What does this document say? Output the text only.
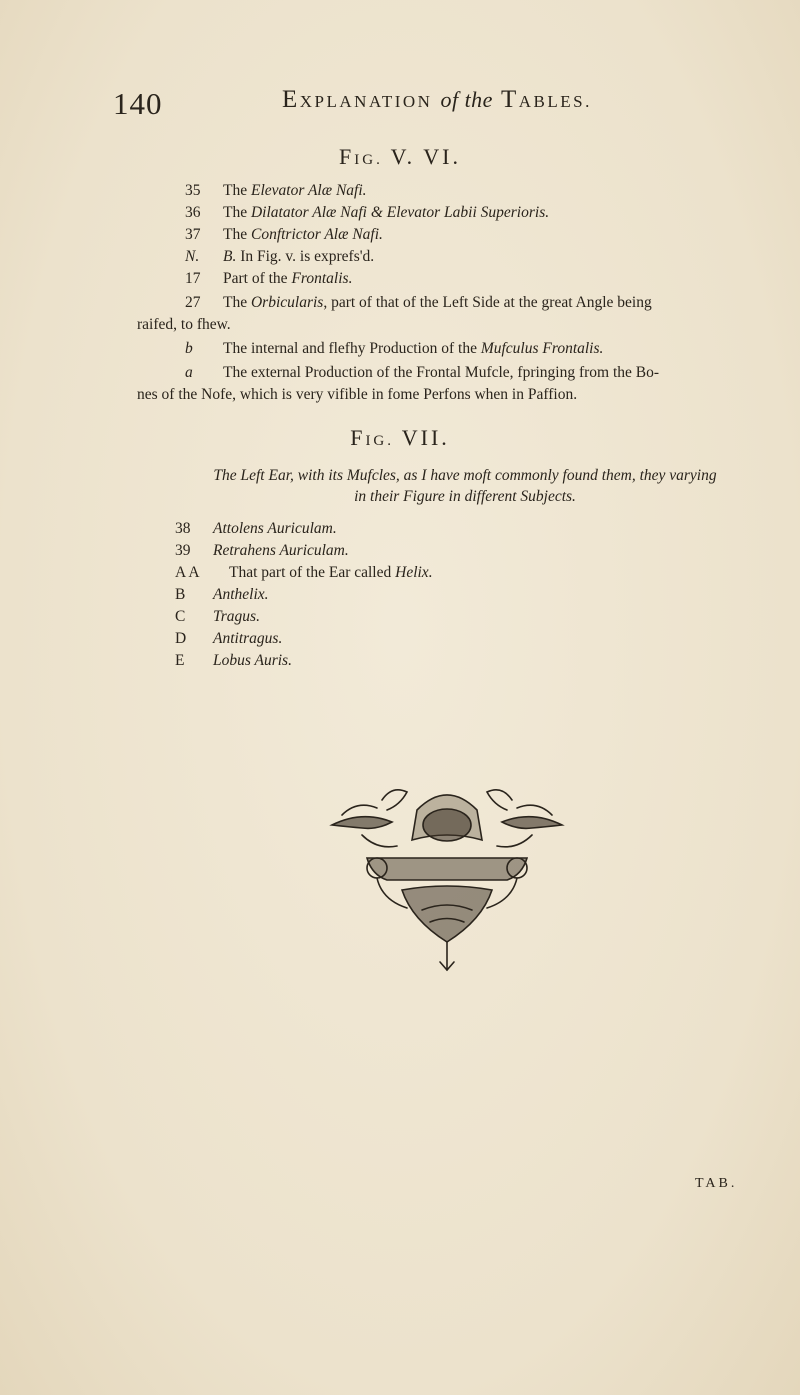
140	EXPLANATION of the TABLES.
FIG. V. VI.
35 The Elevator Alæ Nafi.
36 The Dilatator Alæ Nafi & Elevator Labii Superioris.
37 The Conftrictor Alæ Nafi.
N. B. In Fig. v. is exprefs'd.
17 Part of the Frontalis.
27 The Orbicularis, part of that of the Left Side at the great Angle being
raifed, to fhew.
b The internal and flefhy Production of the Mufculus Frontalis.
a The external Production of the Frontal Mufcle, fpringing from the Bo-
nes of the Nofe, which is very vifible in fome Perfons when in Paffion.
FIG. VII.
The Left Ear, with its Mufcles, as I have moft commonly found them, they varying
in their Figure in different Subjects.
38 Attolens Auriculam.
39 Retrahens Auriculam.
A A That part of the Ear called Helix.
B Anthelix.
C Tragus.
D Antitragus.
E Lobus Auris.
TAB.
